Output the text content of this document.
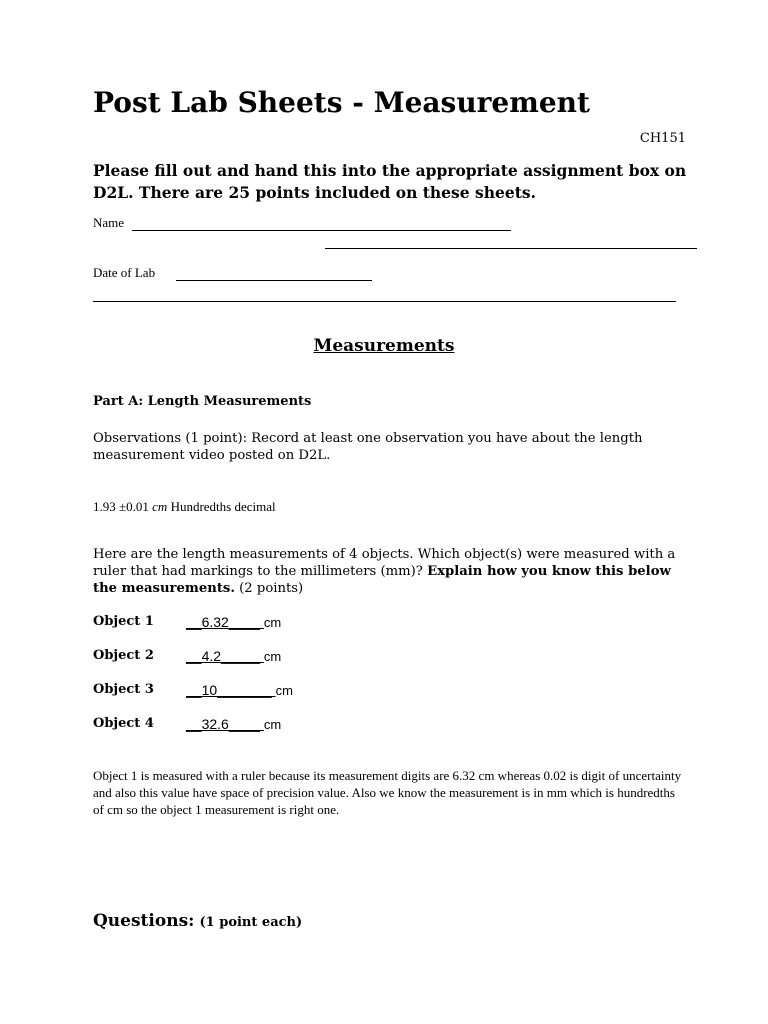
Post Lab Sheets - Measurement
CH151

Please fill out and hand this into the appropriate assignment box on D2L. There are 25 points included on these sheets.

Name
Date of Lab
Measurements
Part A: Length Measurements

Observations (1 point): Record at least one observation you have about the length measurement video posted on D2L.

1.93 ±0.01 cm Hundredths decimal

Here are the length measurements of 4 objects. Which object(s) were measured with a ruler that had markings to the millimeters (mm)? Explain how you know this below the measurements. (2 points)

Object 1 __6.32____ cm
Object 2 __4.2_____ cm
Object 3 __10_______ cm
Object 4 __32.6____ cm

Object 1 is measured with a ruler because its measurement digits are 6.32 cm whereas 0.02 is digit of uncertainty and also this value have space of precision value. Also we know the measurement is in mm which is hundredths of cm so the object 1 measurement is right one.

Questions: (1 point each)
